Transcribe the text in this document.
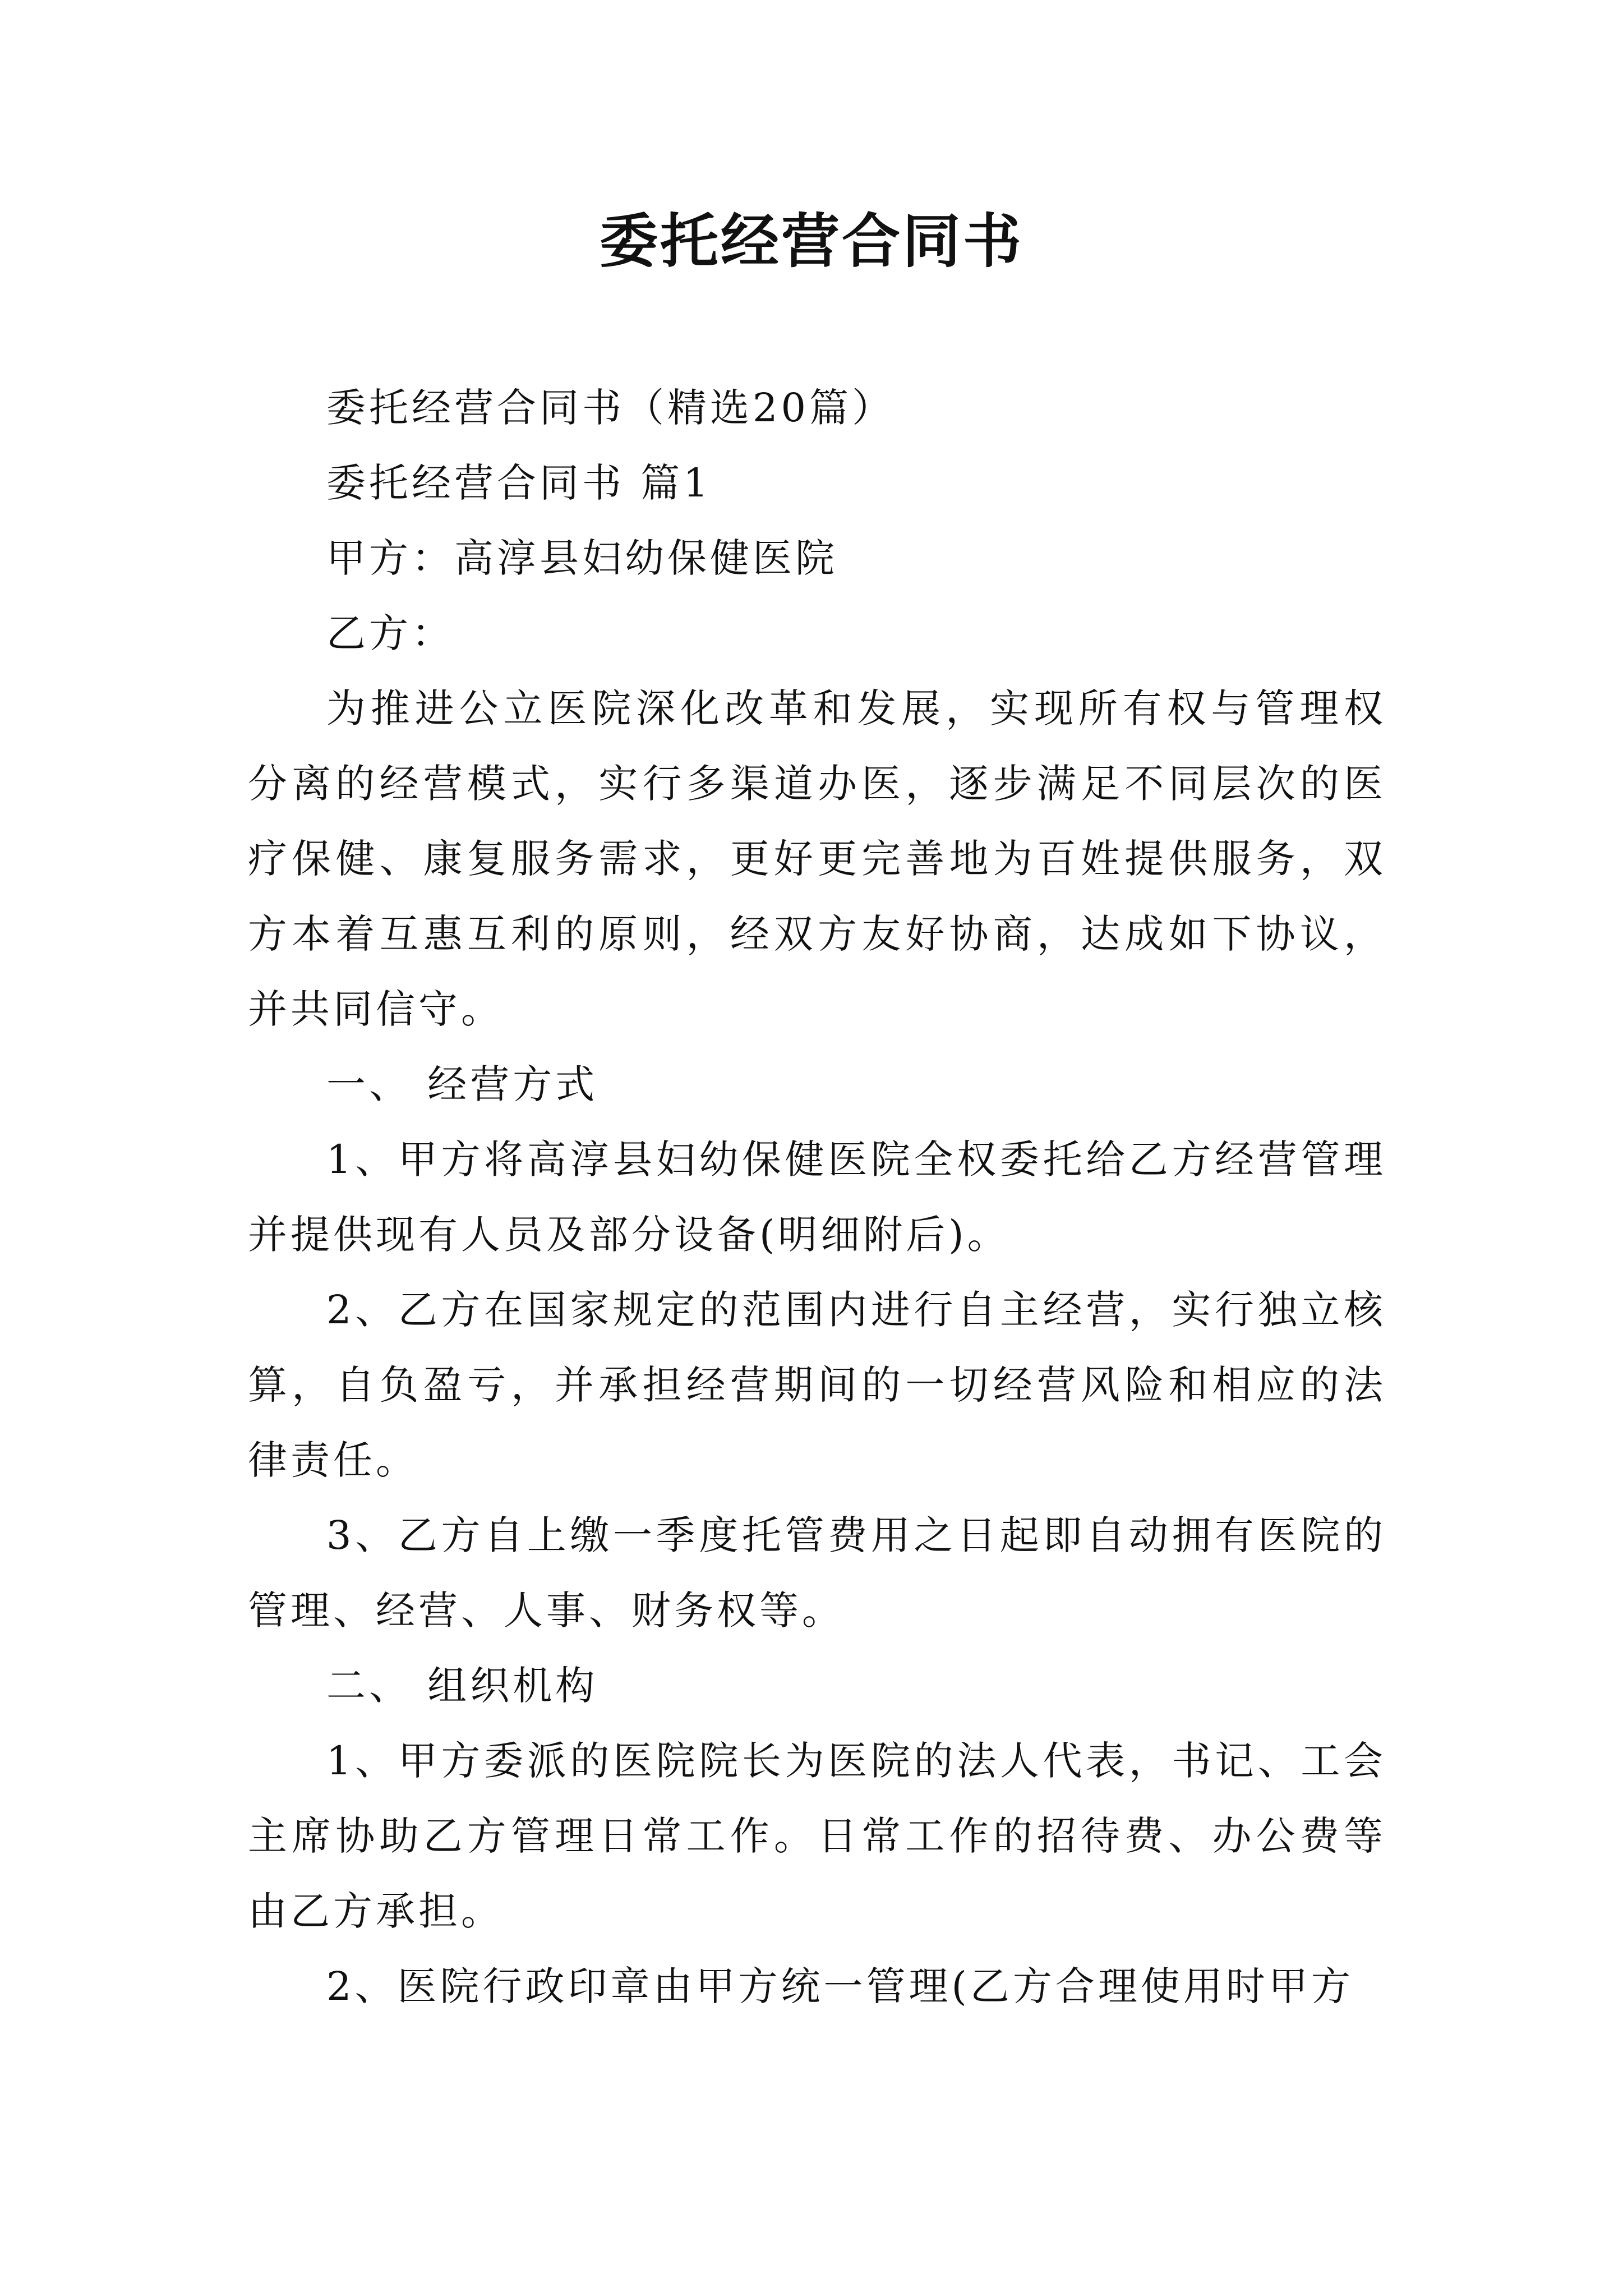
委托经营合同书

委托经营合同书（精选20篇）

委托经营合同书 篇1

甲方：高淳县妇幼保健医院

乙方：

为推进公立医院深化改革和发展，实现所有权与管理权分离的经营模式，实行多渠道办医，逐步满足不同层次的医疗保健、康复服务需求，更好更完善地为百姓提供服务，双方本着互惠互利的原则，经双方友好协商，达成如下协议，并共同信守。

一、 经营方式

1、甲方将高淳县妇幼保健医院全权委托给乙方经营管理并提供现有人员及部分设备(明细附后)。

2、乙方在国家规定的范围内进行自主经营，实行独立核算，自负盈亏，并承担经营期间的一切经营风险和相应的法律责任。

3、乙方自上缴一季度托管费用之日起即自动拥有医院的管理、经营、人事、财务权等。

二、 组织机构

1、甲方委派的医院院长为医院的法人代表，书记、工会主席协助乙方管理日常工作。日常工作的招待费、办公费等由乙方承担。

2、医院行政印章由甲方统一管理(乙方合理使用时甲方
